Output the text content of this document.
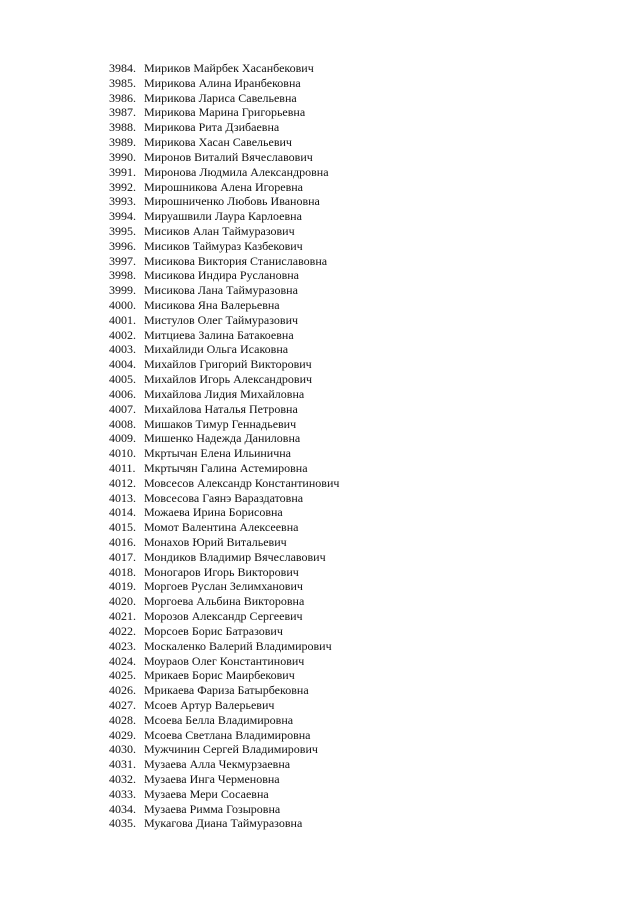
3984. Мириков Майрбек Хасанбекович
3985. Мирикова Алина Иранбековна
3986. Мирикова Лариса Савельевна
3987. Мирикова Марина Григорьевна
3988. Мирикова Рита Дзибаевна
3989. Мирикова Хасан Савельевич
3990. Миронов Виталий Вячеславович
3991. Миронова Людмила Александровна
3992. Мирошникова Алена Игоревна
3993. Мирошниченко Любовь Ивановна
3994. Мируашвили Лаура Карлоевна
3995. Мисиков Алан Таймуразович
3996. Мисиков Таймураз Казбекович
3997. Мисикова Виктория Станиславовна
3998. Мисикова Индира Руслановна
3999. Мисикова Лана Таймуразовна
4000. Мисикова Яна Валерьевна
4001. Мистулов Олег Таймуразович
4002. Митциева Залина Батакоевна
4003. Михайлиди Ольга Исаковна
4004. Михайлов Григорий Викторович
4005. Михайлов Игорь Александрович
4006. Михайлова Лидия Михайловна
4007. Михайлова Наталья Петровна
4008. Мишаков Тимур Геннадьевич
4009. Мишенко Надежда Даниловна
4010. Мкртычан Елена Ильинична
4011. Мкртычян Галина Астемировна
4012. Мовсесов Александр Константинович
4013. Мовсесова Гаянэ Вараздатовна
4014. Можаева Ирина Борисовна
4015. Момот Валентина Алексеевна
4016. Монахов Юрий Витальевич
4017. Мондиков Владимир Вячеславович
4018. Моногаров Игорь Викторович
4019. Моргоев Руслан Зелимханович
4020. Моргоева Альбина Викторовна
4021. Морозов Александр Сергеевич
4022. Морсоев Борис Батразович
4023. Москаленко Валерий Владимирович
4024. Моураов Олег Константинович
4025. Мрикаев Борис Маирбекович
4026. Мрикаева Фариза Батырбековна
4027. Мсоев Артур Валерьевич
4028. Мсоева Белла Владимировна
4029. Мсоева Светлана Владимировна
4030. Мужчинин Сергей Владимирович
4031. Музаева Алла Чекмурзаевна
4032. Музаева Инга Черменовна
4033. Музаева Мери Сосаевна
4034. Музаева Римма Гозыровна
4035. Мукагова Диана Таймуразовна
